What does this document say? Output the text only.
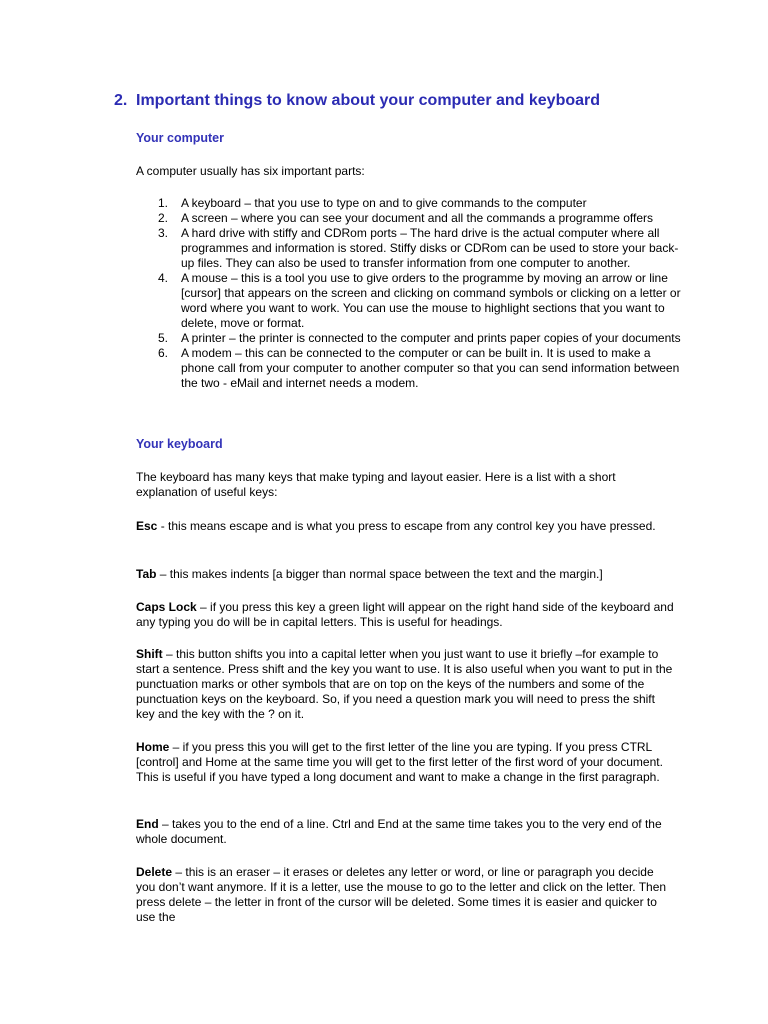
2. Important things to know about your computer and keyboard
Your computer

A computer usually has six important parts:

1. A keyboard – that you use to type on and to give commands to the computer
2. A screen – where you can see your document and all the commands a programme offers
3. A hard drive with stiffy and CDRom ports – The hard drive is the actual computer where all programmes and information is stored. Stiffy disks or CDRom can be used to store your back-up files. They can also be used to transfer information from one computer to another.
4. A mouse – this is a tool you use to give orders to the programme by moving an arrow or line [cursor] that appears on the screen and clicking on command symbols or clicking on a letter or word where you want to work. You can use the mouse to highlight sections that you want to delete, move or format.
5. A printer – the printer is connected to the computer and prints paper copies of your documents
6. A modem – this can be connected to the computer or can be built in. It is used to make a phone call from your computer to another computer so that you can send information between the two - eMail and internet needs a modem.
Your keyboard

The keyboard has many keys that make typing and layout easier. Here is a list with a short explanation of useful keys:

Esc - this means escape and is what you press to escape from any control key you have pressed.

Tab – this makes indents [a bigger than normal space between the text and the margin.]

Caps Lock – if you press this key a green light will appear on the right hand side of the keyboard and any typing you do will be in capital letters. This is useful for headings.

Shift – this button shifts you into a capital letter when you just want to use it briefly –for example to start a sentence. Press shift and the key you want to use. It is also useful when you want to put in the punctuation marks or other symbols that are on top on the keys of the numbers and some of the punctuation keys on the keyboard. So, if you need a question mark you will need to press the shift key and the key with the ? on it.

Home – if you press this you will get to the first letter of the line you are typing. If you press CTRL [control] and Home at the same time you will get to the first letter of the first word of your document. This is useful if you have typed a long document and want to make a change in the first paragraph.

End – takes you to the end of a line. Ctrl and End at the same time takes you to the very end of the whole document.

Delete – this is an eraser – it erases or deletes any letter or word, or line or paragraph you decide you don’t want anymore. If it is a letter, use the mouse to go to the letter and click on the letter. Then press delete – the letter in front of the cursor will be deleted. Some times it is easier and quicker to use the
